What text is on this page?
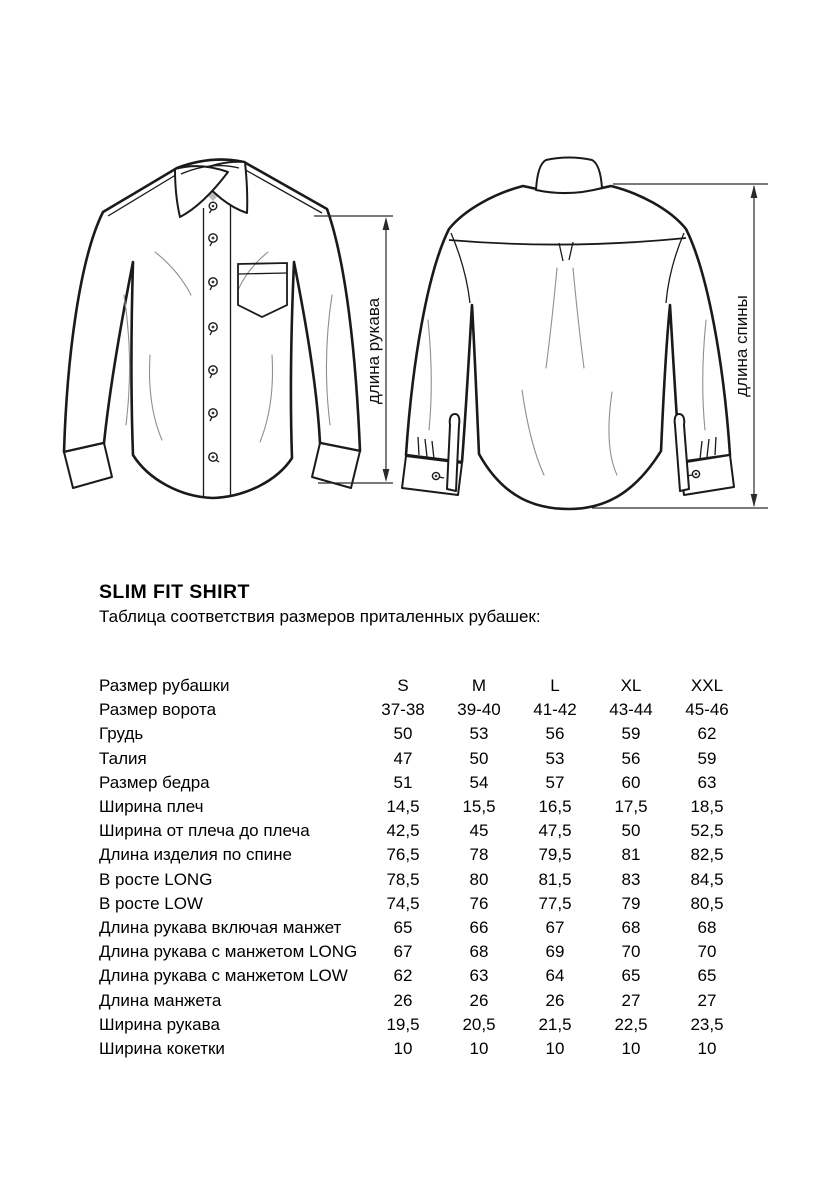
длина рукава	длина спины
SLIM FIT SHIRT
Таблица соответствия размеров приталенных рубашек:
Размер рубашки	S	M	L	XL	XXL
Размер ворота	37-38	39-40	41-42	43-44	45-46
Грудь	50	53	56	59	62
Талия	47	50	53	56	59
Размер бедра	51	54	57	60	63
Ширина плеч	14,5	15,5	16,5	17,5	18,5
Ширина от плеча до плеча	42,5	45	47,5	50	52,5
Длина изделия по спине	76,5	78	79,5	81	82,5
В росте LONG	78,5	80	81,5	83	84,5
В росте LOW	74,5	76	77,5	79	80,5
Длина рукава включая манжет	65	66	67	68	68
Длина рукава с манжетом LONG	67	68	69	70	70
Длина рукава с манжетом LOW	62	63	64	65	65
Длина манжета	26	26	26	27	27
Ширина рукава	19,5	20,5	21,5	22,5	23,5
Ширина кокетки	10	10	10	10	10
